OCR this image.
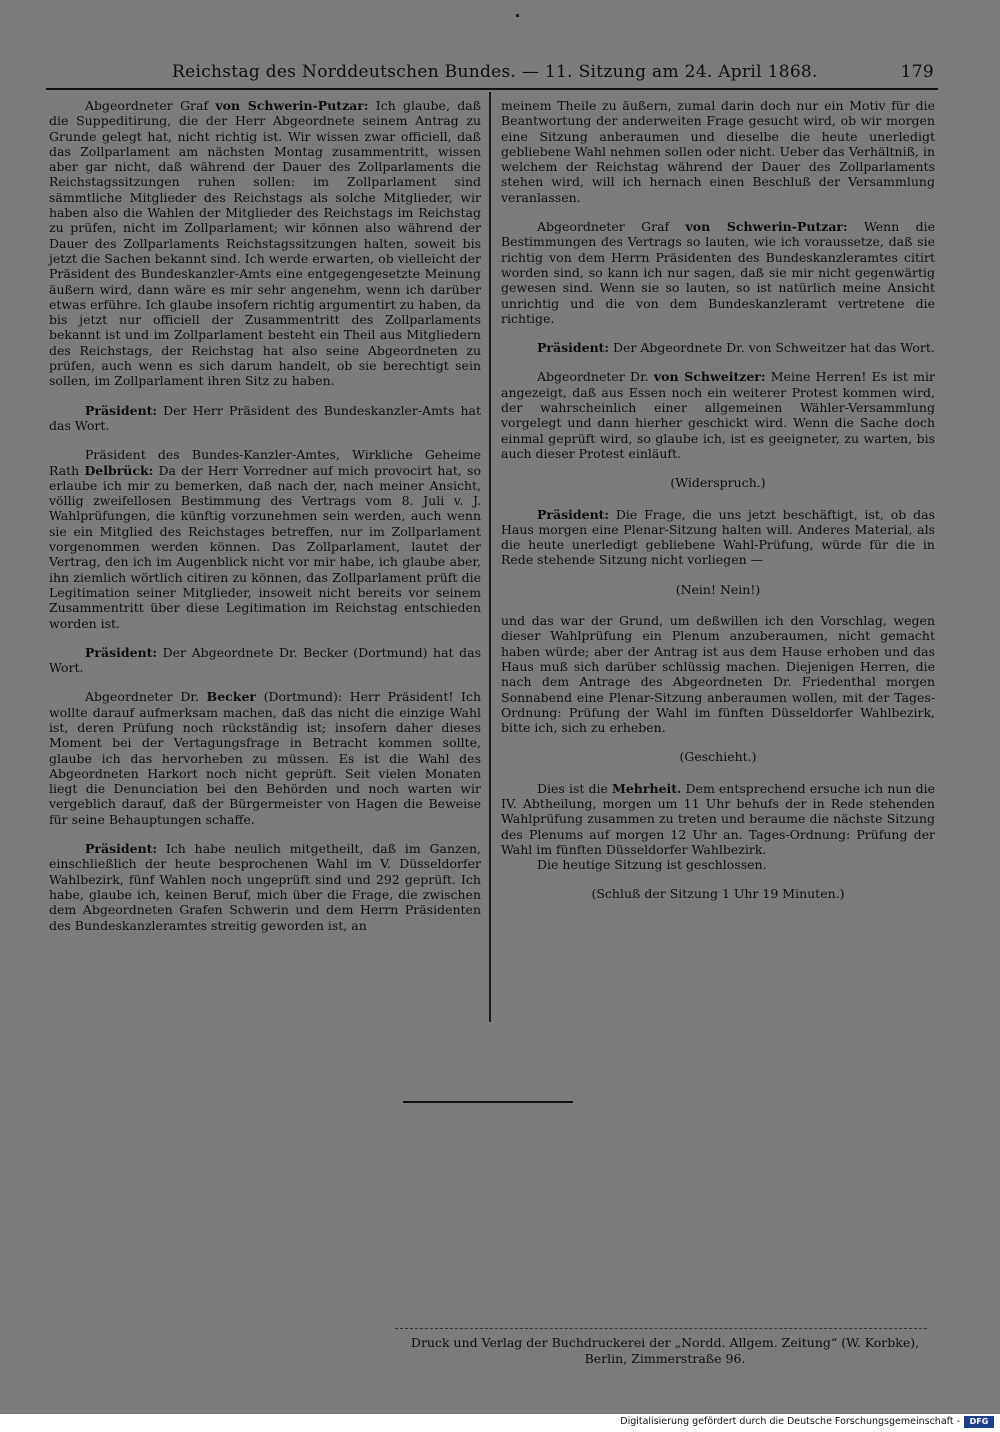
Reichstag des Norddeutschen Bundes. — 11. Sitzung am 24. April 1868.	179

Abgeordneter Graf von Schwerin-Putzar: Ich glaube, daß die Suppeditirung, die der Herr Abgeordnete seinem Antrag zu Grunde gelegt hat, nicht richtig ist. Wir wissen zwar officiell, daß das Zollparlament am nächsten Montag zusammentritt, wissen aber gar nicht, daß während der Dauer des Zollparlaments die Reichstagssitzungen ruhen sollen: im Zollparlament sind sämmtliche Mitglieder des Reichstags als solche Mitglieder, wir haben also die Wahlen der Mitglieder des Reichstags im Reichstag zu prüfen, nicht im Zollparlament; wir können also während der Dauer des Zollparlaments Reichstagssitzungen halten, soweit bis jetzt die Sachen bekannt sind. Ich werde erwarten, ob vielleicht der Präsident des Bundeskanzler-Amts eine entgegengesetzte Meinung äußern wird, dann wäre es mir sehr angenehm, wenn ich darüber etwas erführe. Ich glaube insofern richtig argumentirt zu haben, da bis jetzt nur officiell der Zusammentritt des Zollparlaments bekannt ist und im Zollparlament besteht ein Theil aus Mitgliedern des Reichstags, der Reichstag hat also seine Abgeordneten zu prüfen, auch wenn es sich darum handelt, ob sie berechtigt sein sollen, im Zollparlament ihren Sitz zu haben.

Präsident: Der Herr Präsident des Bundeskanzler-Amts hat das Wort.

Präsident des Bundes-Kanzler-Amtes, Wirkliche Geheime Rath Delbrück: Da der Herr Vorredner auf mich provocirt hat, so erlaube ich mir zu bemerken, daß nach der, nach meiner Ansicht, völlig zweifellosen Bestimmung des Vertrags vom 8. Juli v. J. Wahlprüfungen, die künftig vorzunehmen sein werden, auch wenn sie ein Mitglied des Reichstages betreffen, nur im Zollparlament vorgenommen werden können. Das Zollparlament, lautet der Vertrag, den ich im Augenblick nicht vor mir habe, ich glaube aber, ihn ziemlich wörtlich citiren zu können, das Zollparlament prüft die Legitimation seiner Mitglieder, insoweit nicht bereits vor seinem Zusammentritt über diese Legitimation im Reichstag entschieden worden ist.

Präsident: Der Abgeordnete Dr. Becker (Dortmund) hat das Wort.

Abgeordneter Dr. Becker (Dortmund): Herr Präsident! Ich wollte darauf aufmerksam machen, daß das nicht die einzige Wahl ist, deren Prüfung noch rückständig ist; insofern daher dieses Moment bei der Vertagungsfrage in Betracht kommen sollte, glaube ich das hervorheben zu müssen. Es ist die Wahl des Abgeordneten Harkort noch nicht geprüft. Seit vielen Monaten liegt die Denunciation bei den Behörden und noch warten wir vergeblich darauf, daß der Bürgermeister von Hagen die Beweise für seine Behauptungen schaffe.

Präsident: Ich habe neulich mitgetheilt, daß im Ganzen, einschließlich der heute besprochenen Wahl im V. Düsseldorfer Wahlbezirk, fünf Wahlen noch ungeprüft sind und 292 geprüft. Ich habe, glaube ich, keinen Beruf, mich über die Frage, die zwischen dem Abgeordneten Grafen Schwerin und dem Herrn Präsidenten des Bundeskanzleramtes streitig geworden ist, an

meinem Theile zu äußern, zumal darin doch nur ein Motiv für die Beantwortung der anderweiten Frage gesucht wird, ob wir morgen eine Sitzung anberaumen und dieselbe die heute unerledigt gebliebene Wahl nehmen sollen oder nicht. Ueber das Verhältniß, in welchem der Reichstag während der Dauer des Zollparlaments stehen wird, will ich hernach einen Beschluß der Versammlung veranlassen.

Abgeordneter Graf von Schwerin-Putzar: Wenn die Bestimmungen des Vertrags so lauten, wie ich voraussetze, daß sie richtig von dem Herrn Präsidenten des Bundeskanzleramtes citirt worden sind, so kann ich nur sagen, daß sie mir nicht gegenwärtig gewesen sind. Wenn sie so lauten, so ist natürlich meine Ansicht unrichtig und die von dem Bundeskanzleramt vertretene die richtige.

Präsident: Der Abgeordnete Dr. von Schweitzer hat das Wort.

Abgeordneter Dr. von Schweitzer: Meine Herren! Es ist mir angezeigt, daß aus Essen noch ein weiterer Protest kommen wird, der wahrscheinlich einer allgemeinen Wähler-Versammlung vorgelegt und dann hierher geschickt wird. Wenn die Sache doch einmal geprüft wird, so glaube ich, ist es geeigneter, zu warten, bis auch dieser Protest einläuft.

(Widerspruch.)

Präsident: Die Frage, die uns jetzt beschäftigt, ist, ob das Haus morgen eine Plenar-Sitzung halten will. Anderes Material, als die heute unerledigt gebliebene Wahl-Prüfung, würde für die in Rede stehende Sitzung nicht vorliegen —

(Nein! Nein!)

und das war der Grund, um deßwillen ich den Vorschlag, wegen dieser Wahlprüfung ein Plenum anzuberaumen, nicht gemacht haben würde; aber der Antrag ist aus dem Hause erhoben und das Haus muß sich darüber schlüssig machen. Diejenigen Herren, die nach dem Antrage des Abgeordneten Dr. Friedenthal morgen Sonnabend eine Plenar-Sitzung anberaumen wollen, mit der Tages-Ordnung: Prüfung der Wahl im fünften Düsseldorfer Wahlbezirk, bitte ich, sich zu erheben.

(Geschieht.)

Dies ist die Mehrheit. Dem entsprechend ersuche ich nun die IV. Abtheilung, morgen um 11 Uhr behufs der in Rede stehenden Wahlprüfung zusammen zu treten und beraume die nächste Sitzung des Plenums auf morgen 12 Uhr an. Tages-Ordnung: Prüfung der Wahl im fünften Düsseldorfer Wahlbezirk.

Die heutige Sitzung ist geschlossen.

(Schluß der Sitzung 1 Uhr 19 Minuten.)

Druck und Verlag der Buchdruckerei der „Nordd. Allgem. Zeitung“ (W. Korbke),
Berlin, Zimmerstraße 96.
Digitalisierung gefördert durch die Deutsche Forschungsgemeinschaft -	DFG
